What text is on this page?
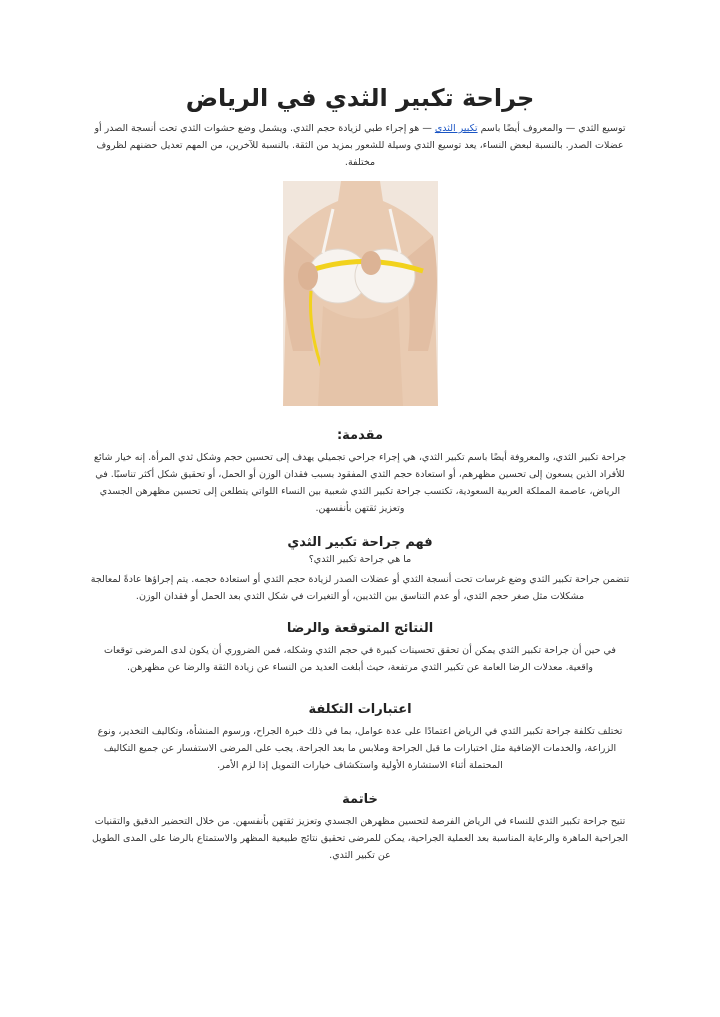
جراحة تكبير الثدي في الرياض

توسيع الثدي — والمعروف أيضًا باسم تكبير الثدي — هو إجراء طبي لزيادة حجم الثدي. ويشمل وضع حشوات الثدي تحت أنسجة الصدر أو عضلات الصدر. بالنسبة لبعض النساء، يعد توسيع الثدي وسيلة للشعور بمزيد من الثقة. بالنسبة للآخرين، من المهم تعديل حضنهم لظروف مختلفة.

مقدمة:

جراحة تكبير الثدي، والمعروفة أيضًا باسم تكبير الثدي، هي إجراء جراحي تجميلي يهدف إلى تحسين حجم وشكل ثدي المرأة. إنه خيار شائع للأفراد الذين يسعون إلى تحسين مظهرهم، أو استعادة حجم الثدي المفقود بسبب فقدان الوزن أو الحمل، أو تحقيق شكل أكثر تناسبًا. في الرياض، عاصمة المملكة العربية السعودية، تكتسب جراحة تكبير الثدي شعبية بين النساء اللواتي يتطلعن إلى تحسين مظهرهن الجسدي وتعزيز ثقتهن بأنفسهن.

فهم جراحة تكبير الثدي
ما هي جراحة تكبير الثدي؟

تتضمن جراحة تكبير الثدي وضع غرسات تحت أنسجة الثدي أو عضلات الصدر لزيادة حجم الثدي أو استعادة حجمه. يتم إجراؤها عادةً لمعالجة مشكلات مثل صغر حجم الثدي، أو عدم التناسق بين الثديين، أو التغيرات في شكل الثدي بعد الحمل أو فقدان الوزن.

النتائج المتوقعة والرضا

في حين أن جراحة تكبير الثدي يمكن أن تحقق تحسينات كبيرة في حجم الثدي وشكله، فمن الضروري أن يكون لدى المرضى توقعات واقعية. معدلات الرضا العامة عن تكبير الثدي مرتفعة، حيث أبلغت العديد من النساء عن زيادة الثقة والرضا عن مظهرهن.

اعتبارات التكلفة

تختلف تكلفة جراحة تكبير الثدي في الرياض اعتمادًا على عدة عوامل، بما في ذلك خبرة الجراح، ورسوم المنشأة، وتكاليف التخدير، ونوع الزراعة، والخدمات الإضافية مثل اختبارات ما قبل الجراحة وملابس ما بعد الجراحة. يجب على المرضى الاستفسار عن جميع التكاليف المحتملة أثناء الاستشارة الأولية واستكشاف خيارات التمويل إذا لزم الأمر.

خاتمة

تتيح جراحة تكبير الثدي للنساء في الرياض الفرصة لتحسين مظهرهن الجسدي وتعزيز ثقتهن بأنفسهن. من خلال التحضير الدقيق والتقنيات الجراحية الماهرة والرعاية المناسبة بعد العملية الجراحية، يمكن للمرضى تحقيق نتائج طبيعية المظهر والاستمتاع بالرضا على المدى الطويل عن تكبير الثدي.
